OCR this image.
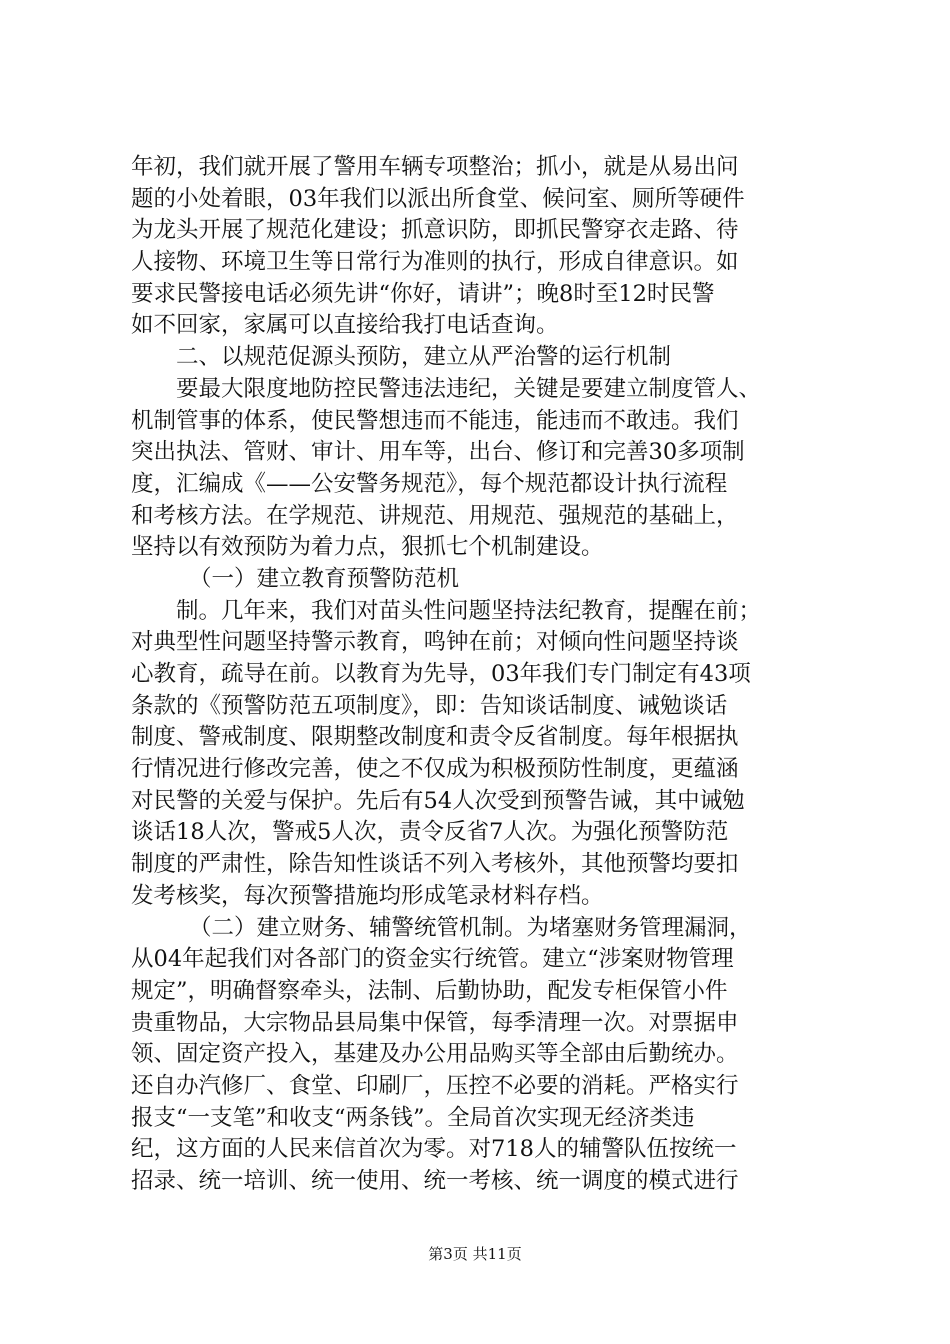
年初，我们就开展了警用车辆专项整治；抓小，就是从易出问
题的小处着眼，03年我们以派出所食堂、候问室、厕所等硬件
为龙头开展了规范化建设；抓意识防，即抓民警穿衣走路、待
人接物、环境卫生等日常行为准则的执行，形成自律意识。如
要求民警接电话必须先讲“你好，请讲”；晚8时至12时民警
如不回家，家属可以直接给我打电话查询。
二、以规范促源头预防，建立从严治警的运行机制
要最大限度地防控民警违法违纪，关键是要建立制度管人、
机制管事的体系，使民警想违而不能违，能违而不敢违。我们
突出执法、管财、审计、用车等，出台、修订和完善30多项制
度，汇编成《——公安警务规范》，每个规范都设计执行流程
和考核方法。在学规范、讲规范、用规范、强规范的基础上，
坚持以有效预防为着力点，狠抓七个机制建设。
（一）建立教育预警防范机
制。几年来，我们对苗头性问题坚持法纪教育，提醒在前；
对典型性问题坚持警示教育，鸣钟在前；对倾向性问题坚持谈
心教育，疏导在前。以教育为先导，03年我们专门制定有43项
条款的《预警防范五项制度》，即：告知谈话制度、诫勉谈话
制度、警戒制度、限期整改制度和责令反省制度。每年根据执
行情况进行修改完善，使之不仅成为积极预防性制度，更蕴涵
对民警的关爱与保护。先后有54人次受到预警告诫，其中诫勉
谈话18人次，警戒5人次，责令反省7人次。为强化预警防范
制度的严肃性，除告知性谈话不列入考核外，其他预警均要扣
发考核奖，每次预警措施均形成笔录材料存档。
（二）建立财务、辅警统管机制。为堵塞财务管理漏洞，
从04年起我们对各部门的资金实行统管。建立“涉案财物管理
规定”，明确督察牵头，法制、后勤协助，配发专柜保管小件
贵重物品，大宗物品县局集中保管，每季清理一次。对票据申
领、固定资产投入，基建及办公用品购买等全部由后勤统办。
还自办汽修厂、食堂、印刷厂，压控不必要的消耗。严格实行
报支“一支笔”和收支“两条钱”。全局首次实现无经济类违
纪，这方面的人民来信首次为零。对718人的辅警队伍按统一
招录、统一培训、统一使用、统一考核、统一调度的模式进行
第3页 共11页
